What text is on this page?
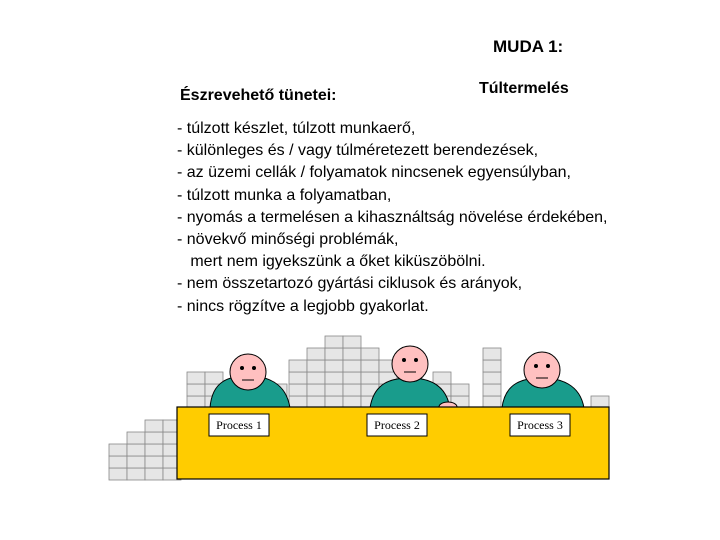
MUDA 1:
Túltermelés
Észrevehető tünetei:
- túlzott készlet, túlzott munkaerő,
- különleges és / vagy túlméretezett berendezések,
- az üzemi cellák / folyamatok nincsenek egyensúlyban,
- túlzott munka a folyamatban,
- nyomás a termelésen a kihasználtság növelése érdekében,
- növekvő minőségi problémák,
mert nem igyekszünk a őket kiküszöbölni.
- nem összetartozó gyártási ciklusok és arányok,
- nincs rögzítve a legjobb gyakorlat.
Process 1	Process 2	Process 3
